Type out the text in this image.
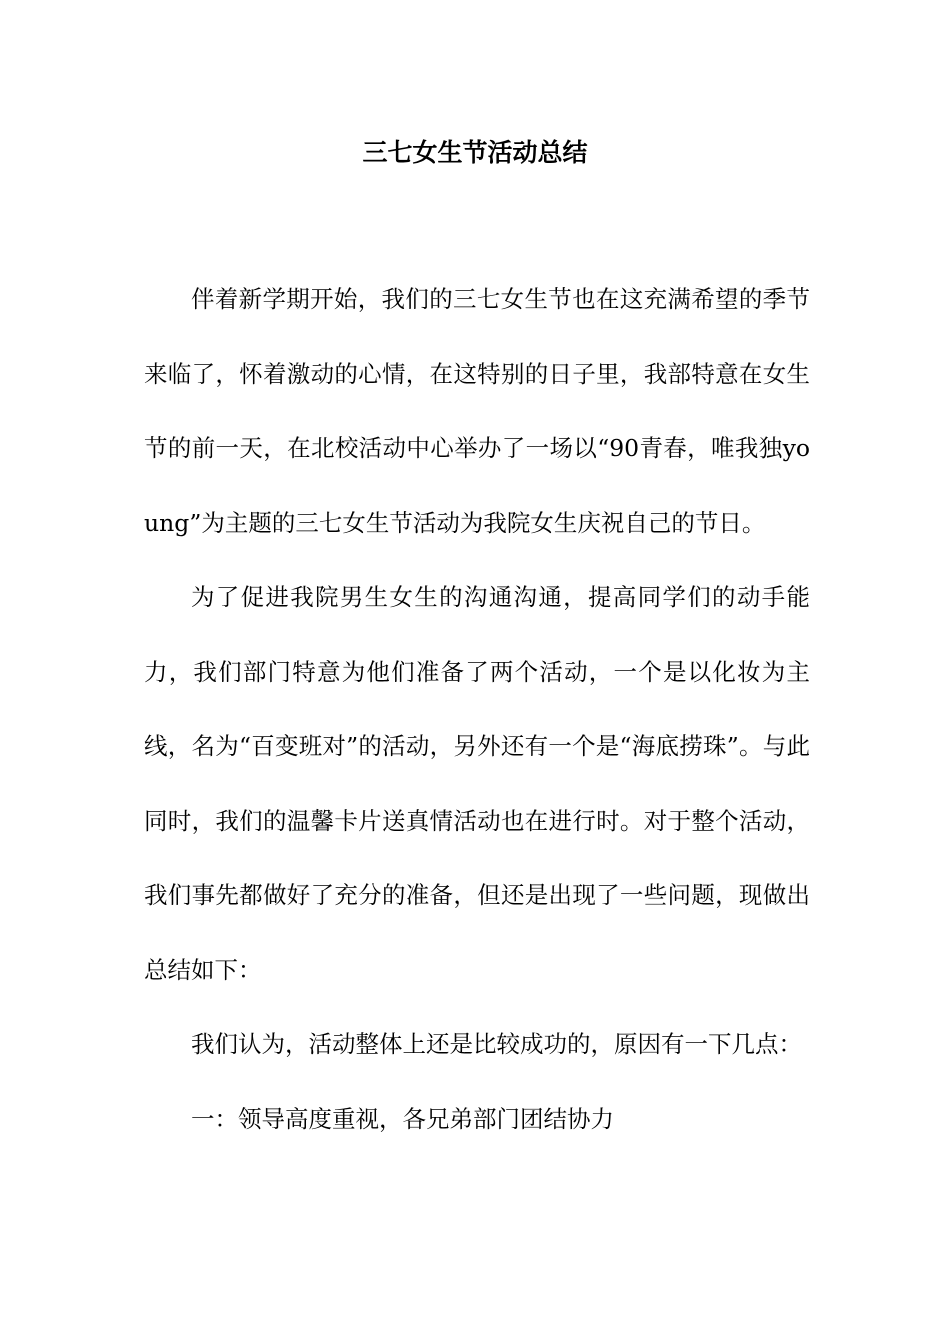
三七女生节活动总结

伴着新学期开始，我们的三七女生节也在这充满希望的季节来临了，怀着激动的心情，在这特别的日子里，我部特意在女生节的前一天，在北校活动中心举办了一场以“90青春，唯我独young”为主题的三七女生节活动为我院女生庆祝自己的节日。

为了促进我院男生女生的沟通沟通，提高同学们的动手能力，我们部门特意为他们准备了两个活动，一个是以化妆为主线，名为“百变班对”的活动，另外还有一个是“海底捞珠”。与此同时，我们的温馨卡片送真情活动也在进行时。对于整个活动，我们事先都做好了充分的准备，但还是出现了一些问题，现做出总结如下：

我们认为，活动整体上还是比较成功的，原因有一下几点：

一：领导高度重视，各兄弟部门团结协力
